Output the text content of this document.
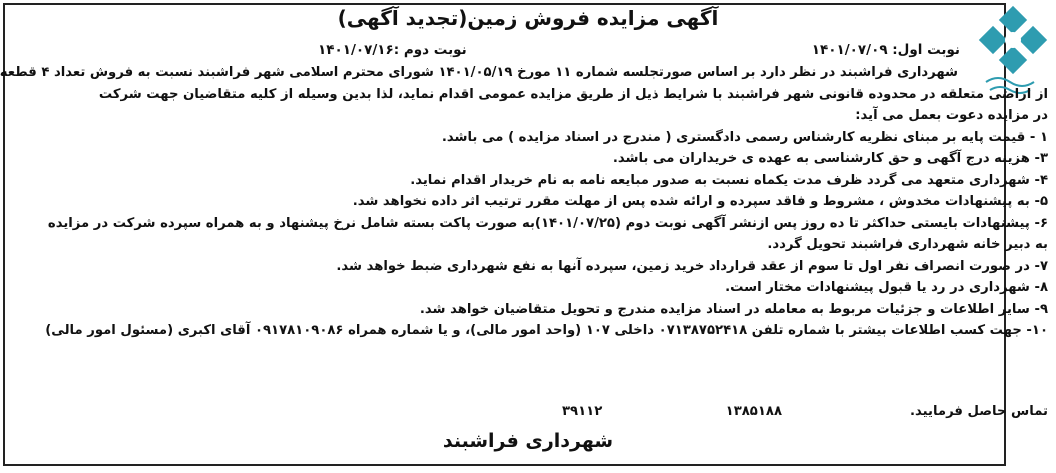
آگهی مزایده فروش زمین(تجدید آگهی)
نوبت اول: ۱۴۰۱/۰۷/۰۹
نوبت دوم :۱۴۰۱/۰۷/۱۶

شهرداری فراشبند در نظر دارد بر اساس صورتجلسه شماره ۱۱ مورخ ۱۴۰۱/۰۵/۱۹ شورای محترم اسلامی شهر فراشبند نسبت به فروش تعداد ۴ قطعه

از اراضی متعلقه در محدوده قانونی شهر فراشبند با شرایط ذیل از طریق مزایده عمومی اقدام نماید، لذا بدین وسیله از کلیه متقاضیان جهت شرکت

در مزایده دعوت بعمل می آید:

۱ - قیمت پایه بر مبنای نظریه کارشناس رسمی دادگستری ( مندرج در اسناد مزایده ) می باشد.

۳- هزینه درج آگهی و حق کارشناسی به عهده ی خریداران می باشد.

۴- شهرداری متعهد می گردد ظرف مدت یکماه نسبت به صدور مبایعه نامه به نام خریدار اقدام نماید.

۵- به پیشنهادات مخدوش ، مشروط و فاقد سپرده و ارائه شده پس از مهلت مقرر ترتیب اثر داده نخواهد شد.

۶- پیشنهادات بایستی حداکثر تا ده روز پس ازنشر آگهی نوبت دوم (۱۴۰۱/۰۷/۲۵)به صورت پاکت بسته شامل نرخ پیشنهاد و به همراه سپرده شرکت در مزایده

به دبیر خانه شهرداری فراشبند تحویل گردد.

۷- در صورت انصراف نفر اول تا سوم از عقد قرارداد خرید زمین، سپرده آنها به نفع شهرداری ضبط خواهد شد.

۸- شهرداری در رد یا قبول پیشنهادات مختار است.

۹- سایر اطلاعات و جزئیات مربوط به معامله در اسناد مزایده مندرج و تحویل متقاضیان خواهد شد.

۱۰- جهت کسب اطلاعات بیشتر با شماره تلفن ۰۷۱۳۸۷۵۲۴۱۸ داخلی ۱۰۷ (واحد امور مالی)، و یا شماره همراه ۰۹۱۷۸۱۰۹۰۸۶ آقای اکبری (مسئول امور مالی)

تماس حاصل فرمایید.
۱۳۸۵۱۸۸
۳۹۱۱۲
شهرداری فراشبند
